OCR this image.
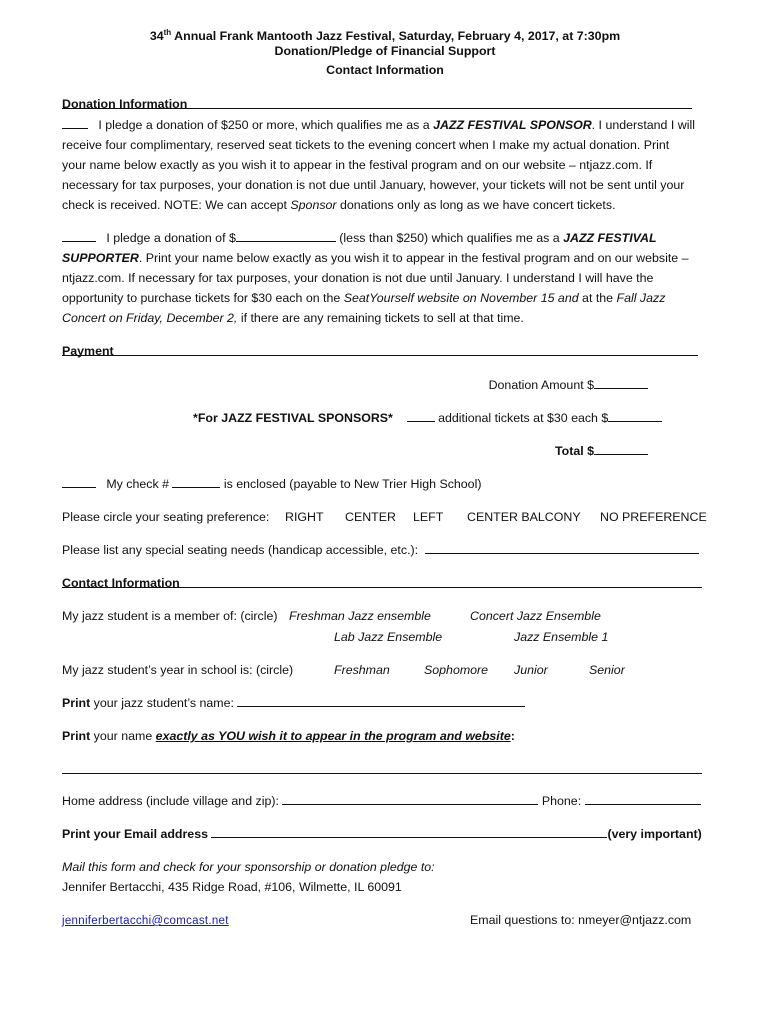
34th Annual Frank Mantooth Jazz Festival, Saturday, February 4, 2017, at 7:30pm
Donation/Pledge of Financial Support
Contact Information
Donation Information
I pledge a donation of $250 or more, which qualifies me as a JAZZ FESTIVAL SPONSOR. I understand I will
receive four complimentary, reserved seat tickets to the evening concert when I make my actual donation. Print
your name below exactly as you wish it to appear in the festival program and on our website – ntjazz.com. If
necessary for tax purposes, your donation is not due until January, however, your tickets will not be sent until your
check is received. NOTE: We can accept Sponsor donations only as long as we have concert tickets.
I pledge a donation of $	(less than $250) which qualifies me as a JAZZ FESTIVAL
SUPPORTER. Print your name below exactly as you wish it to appear in the festival program and on our website –
ntjazz.com. If necessary for tax purposes, your donation is not due until January. I understand I will have the
opportunity to purchase tickets for $30 each on the SeatYourself website on November 15 and at the Fall Jazz
Concert on Friday, December 2, if there are any remaining tickets to sell at that time.
Payment
Donation Amount $
*For JAZZ FESTIVAL SPONSORS*	additional tickets at $30 each $
Total $
My check #	is enclosed (payable to New Trier High School)
Please circle your seating preference: RIGHT CENTER LEFT CENTER BALCONY NO PREFERENCE
Please list any special seating needs (handicap accessible, etc.):
Contact Information
My jazz student is a member of: (circle) Freshman Jazz ensemble	Concert Jazz Ensemble
Lab Jazz Ensemble	Jazz Ensemble 1
My jazz student’s year in school is: (circle)	Freshman	Sophomore Junior	Senior
Print your jazz student’s name:
Print your name exactly as YOU wish it to appear in the program and website:
Home address (include village and zip):	Phone:
Print your Email address	(very important)
Mail this form and check for your sponsorship or donation pledge to:
Jennifer Bertacchi, 435 Ridge Road, #106, Wilmette, IL 60091
jenniferbertacchi@comcast.net	Email questions to: nmeyer@ntjazz.com
